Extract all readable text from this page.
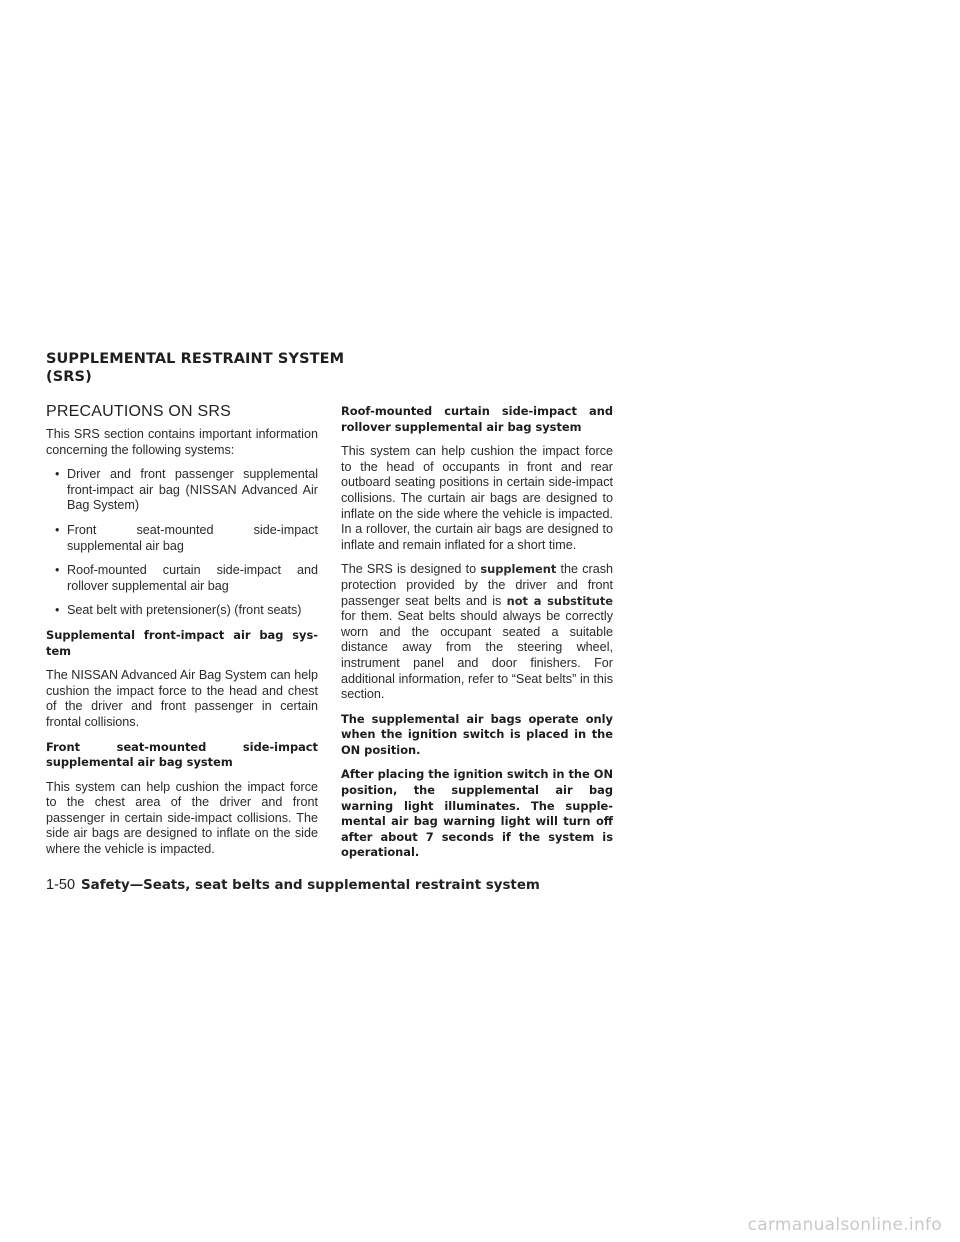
SUPPLEMENTAL RESTRAINT SYSTEM (SRS)
PRECAUTIONS ON SRS

This SRS section contains important information concerning the following systems:

• Driver and front passenger supplemental front-impact air bag (NISSAN Advanced Air Bag System)
• Front seat-mounted side-impact supplemental air bag
• Roof-mounted curtain side-impact and rollover supplemental air bag
• Seat belt with pretensioner(s) (front seats)

Supplemental front-impact air bag system

The NISSAN Advanced Air Bag System can help cushion the impact force to the head and chest of the driver and front passenger in certain frontal collisions.

Front seat-mounted side-impact supplemental air bag system

This system can help cushion the impact force to the chest area of the driver and front passenger in certain side-impact collisions. The side air bags are designed to inflate on the side where the vehicle is impacted.

Roof-mounted curtain side-impact and rollover supplemental air bag system

This system can help cushion the impact force to the head of occupants in front and rear outboard seating positions in certain side-impact collisions. The curtain air bags are designed to inflate on the side where the vehicle is impacted. In a rollover, the curtain air bags are designed to inflate and remain inflated for a short time.

The SRS is designed to supplement the crash protection provided by the driver and front passenger seat belts and is not a substitute for them. Seat belts should always be correctly worn and the occupant seated a suitable distance away from the steering wheel, instrument panel and door finishers. For additional information, refer to “Seat belts” in this section.

The supplemental air bags operate only when the ignition switch is placed in the ON position.

After placing the ignition switch in the ON position, the supplemental air bag warning light illuminates. The supplemental air bag warning light will turn off after about 7 seconds if the system is operational.

1-50 Safety—Seats, seat belts and supplemental restraint system
carmanualsonline.info
